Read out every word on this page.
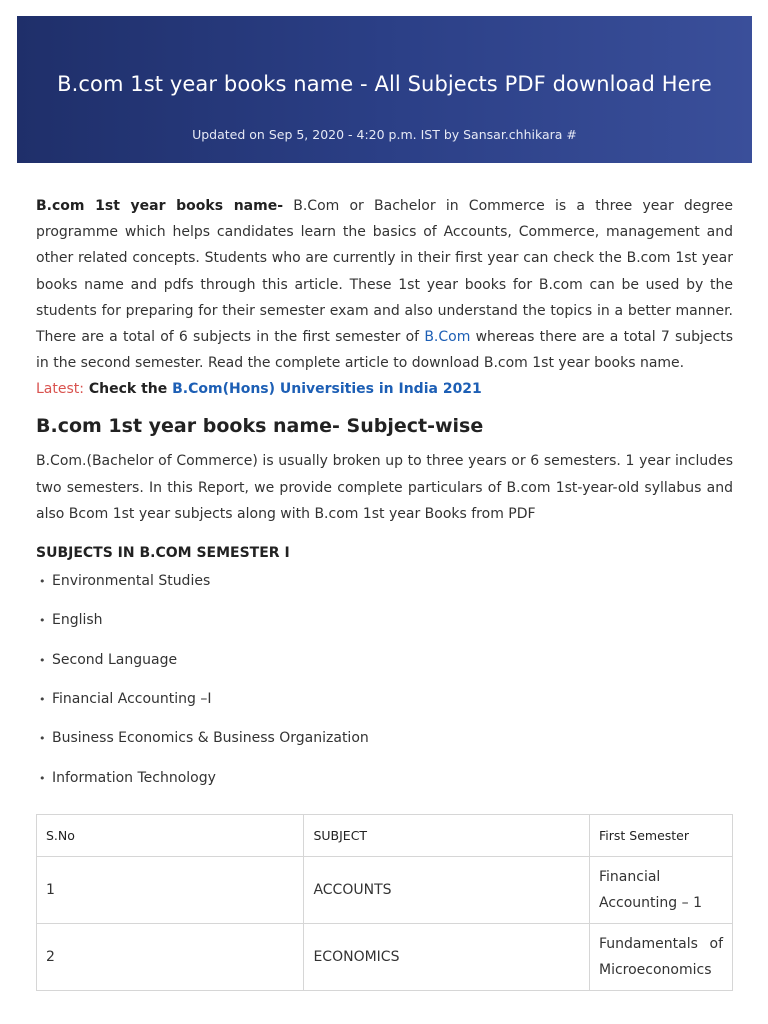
B.com 1st year books name - All Subjects PDF download Here
Updated on Sep 5, 2020 - 4:20 p.m. IST by Sansar.chhikara #

B.com 1st year books name- B.Com or Bachelor in Commerce is a three year degree programme which helps candidates learn the basics of Accounts, Commerce, management and other related concepts. Students who are currently in their first year can check the B.com 1st year books name and pdfs through this article. These 1st year books for B.com can be used by the students for preparing for their semester exam and also understand the topics in a better manner. There are a total of 6 subjects in the first semester of B.Com whereas there are a total 7 subjects in the second semester. Read the complete article to download B.com 1st year books name.

Latest: Check the B.Com(Hons) Universities in India 2021
B.com 1st year books name- Subject-wise

B.Com.(Bachelor of Commerce) is usually broken up to three years or 6 semesters. 1 year includes two semesters. In this Report, we provide complete particulars of B.com 1st-year-old syllabus and also Bcom 1st year subjects along with B.com 1st year Books from PDF

SUBJECTS IN B.COM SEMESTER I
• Environmental Studies
• English
• Second Language
• Financial Accounting –I
• Business Economics & Business Organization
• Information Technology
S.No	SUBJECT	First Semester
1	ACCOUNTS	Financial Accounting – 1
2	ECONOMICS	Fundamentals of Microeconomics
